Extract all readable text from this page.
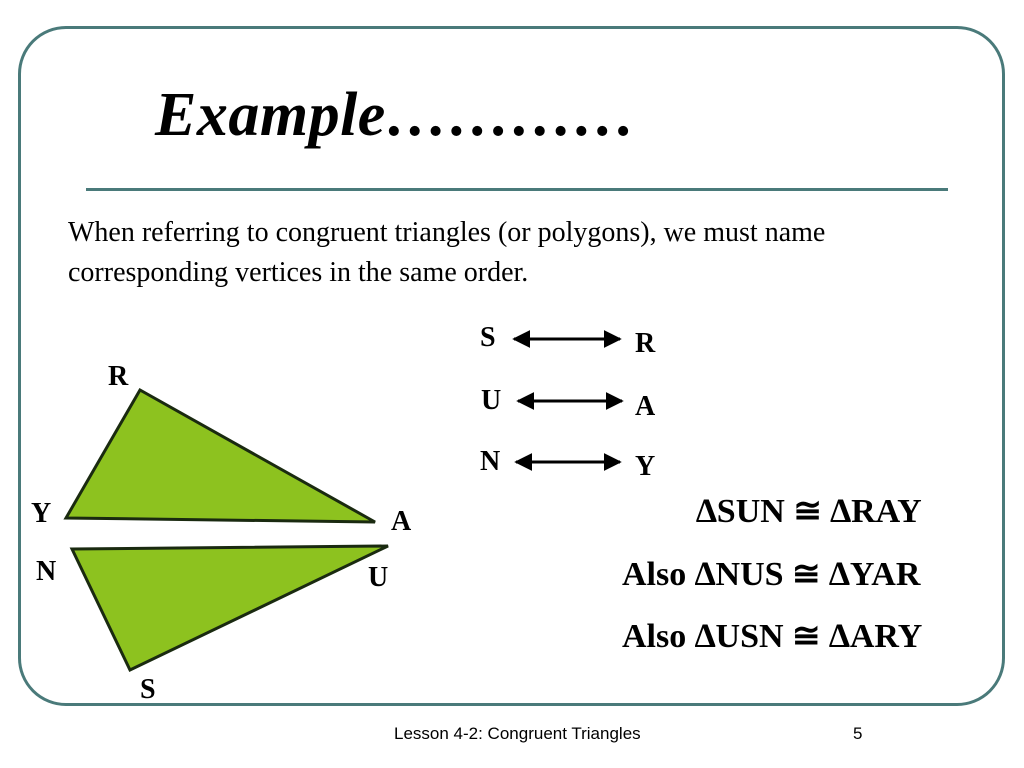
Example…………
When referring to congruent triangles (or polygons), we must name corresponding vertices in the same order.
R
Y	A
N	U
S
S	R
U	A
N	Y
∆SUN ≅ ∆RAY
Also ∆NUS ≅ ∆YAR
Also ∆USN ≅ ∆ARY
Lesson 4-2: Congruent Triangles	5
